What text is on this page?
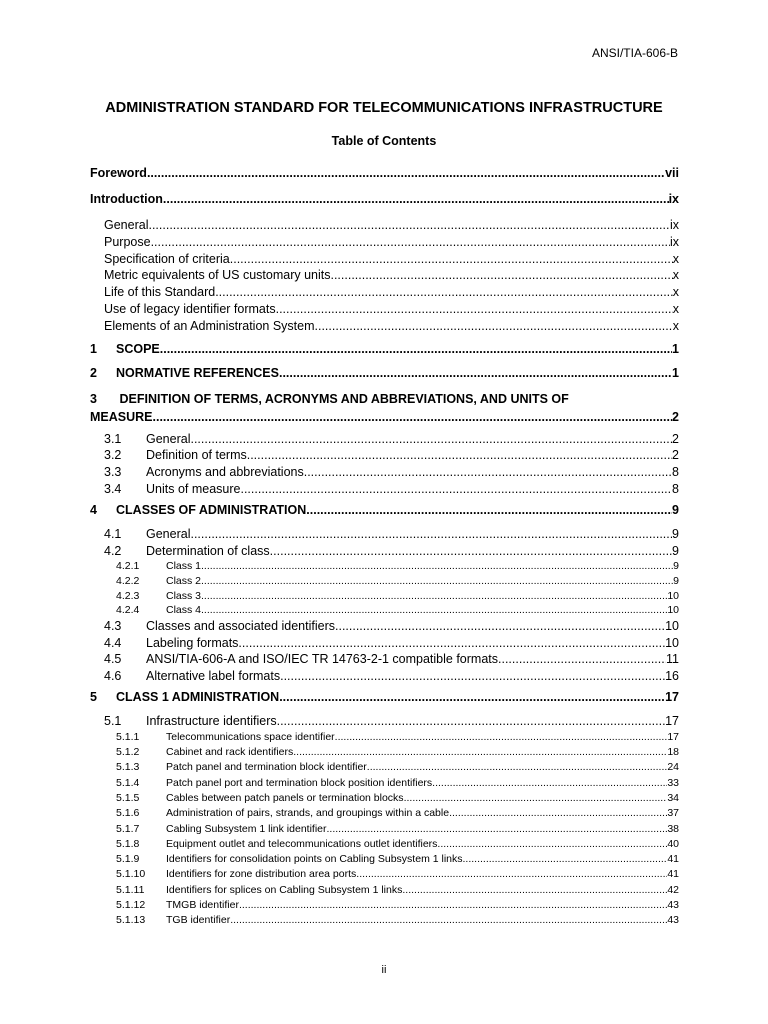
ANSI/TIA-606-B
ADMINISTRATION STANDARD FOR TELECOMMUNICATIONS INFRASTRUCTURE
Table of Contents
Foreword .....	vii
Introduction .....	ix
General .....	ix
Purpose .....	ix
Specification of criteria .....	x
Metric equivalents of US customary units .....	x
Life of this Standard .....	x
Use of legacy identifier formats .....	x
Elements of an Administration System .....	x
1	SCOPE .....	1
2	NORMATIVE REFERENCES .....	1
3 DEFINITION OF TERMS, ACRONYMS AND ABBREVIATIONS, AND UNITS OF
MEASURE .....	2
3.1	General .....	2
3.2	Definition of terms .....	2
3.3	Acronyms and abbreviations .....	8
3.4	Units of measure .....	8
4	CLASSES OF ADMINISTRATION .....	9
4.1	General .....	9
4.2	Determination of class .....	9
4.2.1	Class 1 .....	9
4.2.2	Class 2 .....	9
4.2.3	Class 3 .....	10
4.2.4	Class 4 .....	10
4.3	Classes and associated identifiers .....	10
4.4	Labeling formats .....	10
4.5	ANSI/TIA-606-A and ISO/IEC TR 14763-2-1 compatible formats .....	11
4.6	Alternative label formats .....	16
5	CLASS 1 ADMINISTRATION .....	17
5.1	Infrastructure identifiers .....	17
5.1.1	Telecommunications space identifier .....	17
5.1.2	Cabinet and rack identifiers .....	18
5.1.3	Patch panel and termination block identifier .....	24
5.1.4	Patch panel port and termination block position identifiers .....	33
5.1.5	Cables between patch panels or termination blocks .....	34
5.1.6	Administration of pairs, strands, and groupings within a cable .....	37
5.1.7	Cabling Subsystem 1 link identifier .....	38
5.1.8	Equipment outlet and telecommunications outlet identifiers .....	40
5.1.9	Identifiers for consolidation points on Cabling Subsystem 1 links .....	41
5.1.10	Identifiers for zone distribution area ports .....	41
5.1.11	Identifiers for splices on Cabling Subsystem 1 links .....	42
5.1.12	TMGB identifier .....	43
5.1.13	TGB identifier .....	43
ii
